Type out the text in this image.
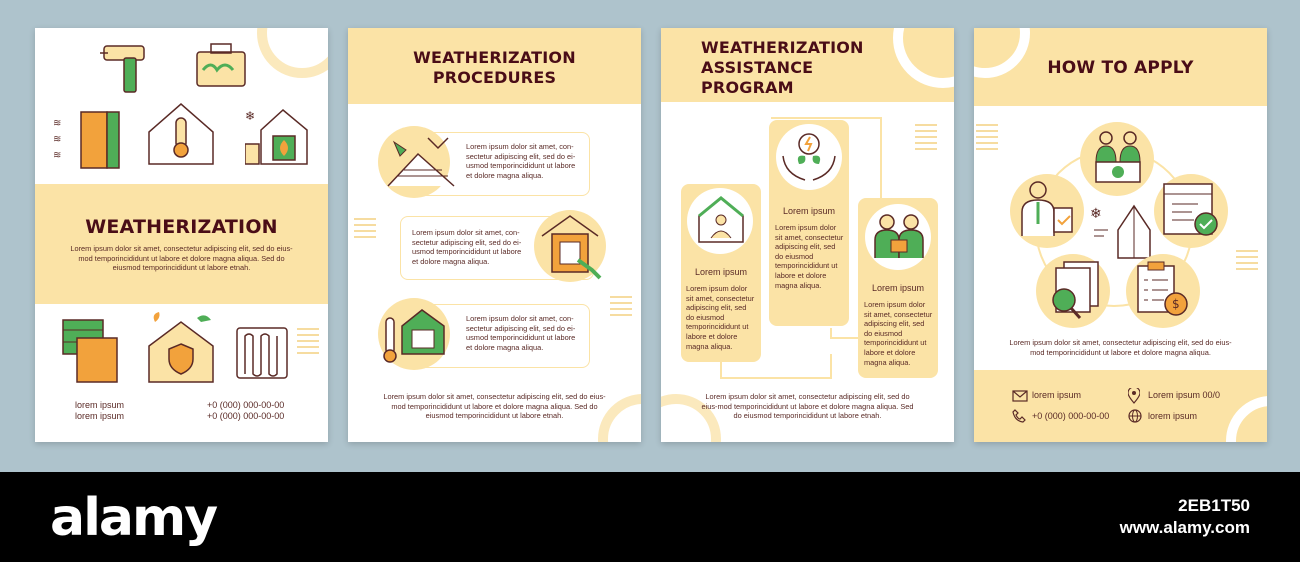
≋
≋
≋
❄
WEATHERIZATION
Lorem ipsum dolor sit amet, consectetur adipiscing elit, sed do eius-mod temporincididunt ut labore et dolore magna aliqua. Sed do eiusmod temporincididunt ut labore etnah.
lorem ipsum
lorem ipsum
+0 (000) 000-00-00
+0 (000) 000-00-00
WEATHERIZATION
PROCEDURES
Lorem ipsum dolor sit amet, con-sectetur adipiscing elit, sed do ei-usmod temporincididunt ut labore et dolore magna aliqua.
Lorem ipsum dolor sit amet, con-sectetur adipiscing elit, sed do ei-usmod temporincididunt ut labore et dolore magna aliqua.
Lorem ipsum dolor sit amet, con-sectetur adipiscing elit, sed do ei-usmod temporincididunt ut labore et dolore magna aliqua.
Lorem ipsum dolor sit amet, consectetur adipiscing elit, sed do eius-mod temporincididunt ut labore et dolore magna aliqua. Sed do eiusmod temporincididunt ut labore etnah.
WEATHERIZATION
ASSISTANCE
PROGRAM
Lorem ipsum
Lorem ipsum dolor sit amet, consectetur adipiscing elit, sed do eiusmod temporincididunt ut labore et dolore magna aliqua.
Lorem ipsum
Lorem ipsum dolor sit amet, consectetur adipiscing elit, sed do eiusmod temporincididunt ut labore et dolore magna aliqua.	Lorem ipsum
Lorem ipsum dolor sit amet, consectetur adipiscing elit, sed do eiusmod temporincididunt ut labore et dolore magna aliqua.
Lorem ipsum dolor sit amet, consectetur adipiscing elit, sed do eius-mod temporincididunt ut labore et dolore magna aliqua. Sed do eiusmod temporincididunt ut labore etnah.
HOW TO APPLY
❄
$
Lorem ipsum dolor sit amet, consectetur adipiscing elit, sed do eius-mod temporincididunt ut labore et dolore magna aliqua.
lorem ipsum	Lorem ipsum 00/0
+0 (000) 000-00-00	lorem ipsum
alamy	2EB1T50
www.alamy.com
